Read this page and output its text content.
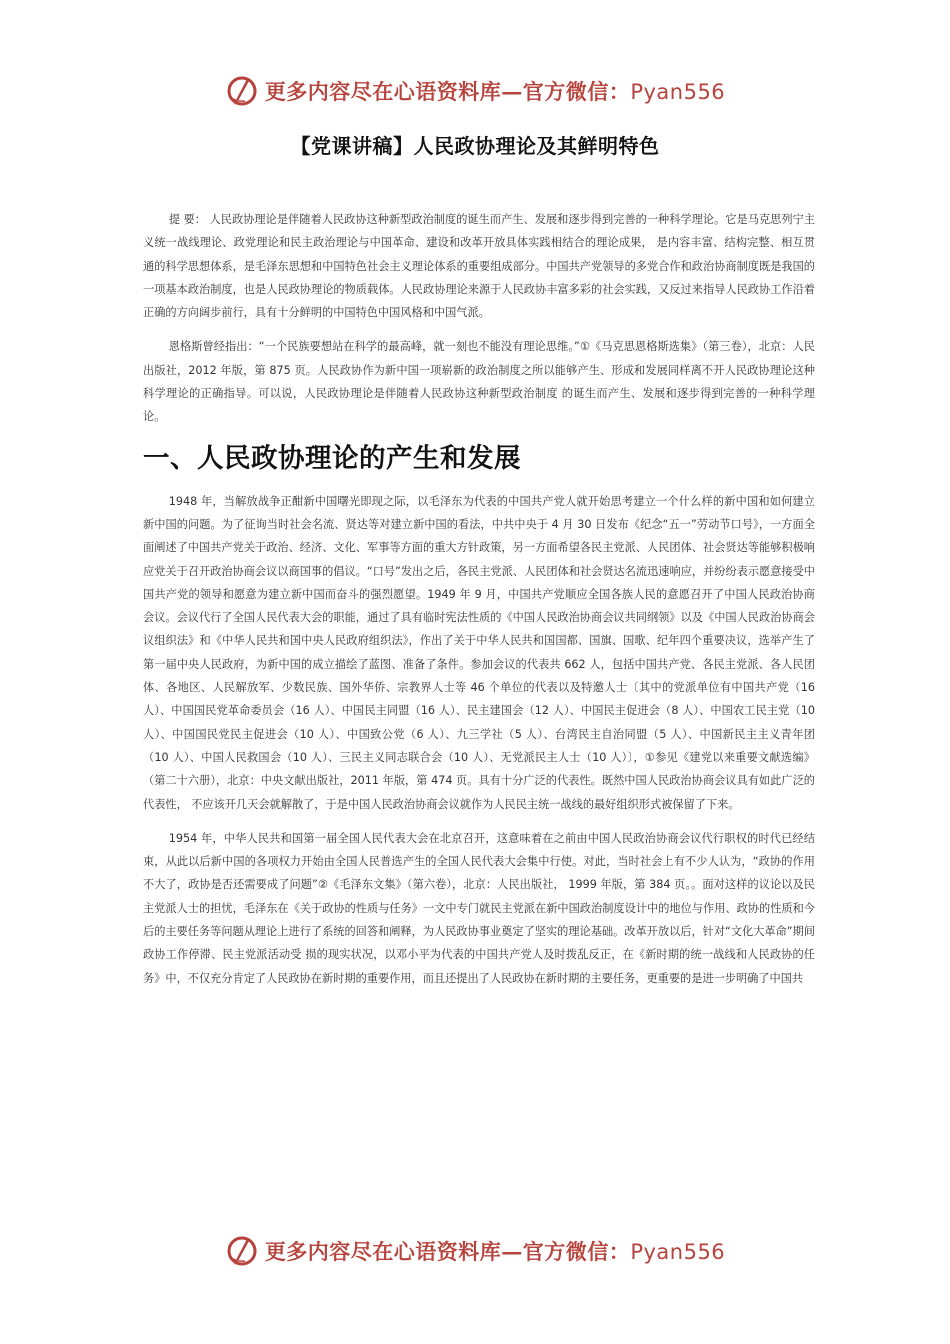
更多内容尽在心语资料库—官方微信：Pyan556
【党课讲稿】人民政协理论及其鲜明特色

提 要： 人民政协理论是伴随着人民政协这种新型政治制度的诞生而产生、发展和逐步得到完善的一种科学理论。它是马克思列宁主义统一战线理论、政党理论和民主政治理论与中国革命、建设和改革开放具体实践相结合的理论成果， 是内容丰富、结构完整、相互贯通的科学思想体系，是毛泽东思想和中国特色社会主义理论体系的重要组成部分。中国共产党领导的多党合作和政治协商制度既是我国的一项基本政治制度，也是人民政协理论的物质载体。人民政协理论来源于人民政协丰富多彩的社会实践，又反过来指导人民政协工作沿着正确的方向阔步前行，具有十分鲜明的中国特色中国风格和中国气派。

恩格斯曾经指出：“一个民族要想站在科学的最高峰，就一刻也不能没有理论思维。”①《马克思恩格斯选集》（第三卷），北京：人民出版社，2012 年版，第 875 页。人民政协作为新中国一项崭新的政治制度之所以能够产生、形成和发展同样离不开人民政协理论这种科学理论的正确指导。可以说，人民政协理论是伴随着人民政协这种新型政治制度 的诞生而产生、发展和逐步得到完善的一种科学理论。

一、人民政协理论的产生和发展

1948 年，当解放战争正酣新中国曙光即现之际，以毛泽东为代表的中国共产党人就开始思考建立一个什么样的新中国和如何建立新中国的问题。为了征询当时社会名流、贤达等对建立新中国的看法，中共中央于 4 月 30 日发布《纪念“五一”劳动节口号》，一方面全面阐述了中国共产党关于政治、经济、文化、军事等方面的重大方针政策，另一方面希望各民主党派、人民团体、社会贤达等能够积极响应党关于召开政治协商会议以商国事的倡议。“口号”发出之后，各民主党派、人民团体和社会贤达名流迅速响应，并纷纷表示愿意接受中国共产党的领导和愿意为建立新中国而奋斗的强烈愿望。1949 年 9 月，中国共产党顺应全国各族人民的意愿召开了中国人民政治协商会议。会议代行了全国人民代表大会的职能，通过了具有临时宪法性质的《中国人民政治协商会议共同纲领》以及《中国人民政治协商会议组织法》和《中华人民共和国中央人民政府组织法》，作出了关于中华人民共和国国都、国旗、国歌、纪年四个重要决议，选举产生了第一届中央人民政府，为新中国的成立描绘了蓝图、准备了条件。参加会议的代表共 662 人，包括中国共产党、各民主党派、各人民团体、各地区、人民解放军、少数民族、国外华侨、宗教界人士等 46 个单位的代表以及特邀人士〔其中的党派单位有中国共产党（16 人）、中国国民党革命委员会（16 人）、中国民主同盟（16 人）、民主建国会（12 人）、中国民主促进会（8 人）、中国农工民主党（10 人）、中国国民党民主促进会（10 人）、中国致公党（6 人）、九三学社（5 人）、台湾民主自治同盟（5 人）、中国新民主主义青年团（10 人）、中国人民救国会（10 人）、三民主义同志联合会（10 人）、无党派民主人士（10 人）〕，①参见《建党以来重要文献选编》（第二十六册），北京：中央文献出版社，2011 年版，第 474 页。具有十分广泛的代表性。既然中国人民政治协商会议具有如此广泛的代表性， 不应该开几天会就解散了，于是中国人民政治协商会议就作为人民民主统一战线的最好组织形式被保留了下来。

1954 年，中华人民共和国第一届全国人民代表大会在北京召开，这意味着在之前由中国人民政治协商会议代行职权的时代已经结束，从此以后新中国的各项权力开始由全国人民普选产生的全国人民代表大会集中行使。对此，当时社会上有不少人认为，“政协的作用不大了，政协是否还需要成了问题”②《毛泽东文集》（第六卷），北京：人民出版社， 1999 年版，第 384 页。。面对这样的议论以及民主党派人士的担忧，毛泽东在《关于政协的性质与任务》一文中专门就民主党派在新中国政治制度设计中的地位与作用、政协的性质和今后的主要任务等问题从理论上进行了系统的回答和阐释，为人民政协事业奠定了坚实的理论基础。改革开放以后，针对“文化大革命”期间政协工作停滞、民主党派活动受 损的现实状况，以邓小平为代表的中国共产党人及时拨乱反正，在《新时期的统一战线和人民政协的任务》中，不仅充分肯定了人民政协在新时期的重要作用，而且还提出了人民政协在新时期的主要任务，更重要的是进一步明确了中国共

更多内容尽在心语资料库—官方微信：Pyan556
